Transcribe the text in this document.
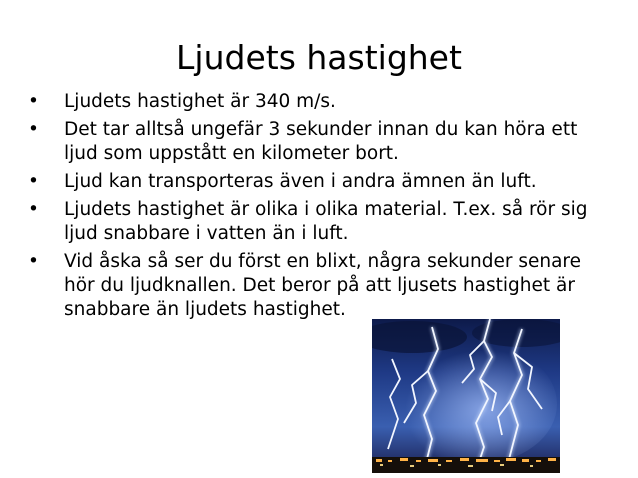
Ljudets hastighet
•	Ljudets hastighet är 340 m/s.
•	Det tar alltså ungefär 3 sekunder innan du kan höra ett ljud som uppstått en kilometer bort.
•	Ljud kan transporteras även i andra ämnen än luft.
•	Ljudets hastighet är olika i olika material. T.ex. så rör sig ljud snabbare i vatten än i luft.
•	Vid åska så ser du först en blixt, några sekunder senare hör du ljudknallen. Det beror på att ljusets hastighet är snabbare än ljudets hastighet.
